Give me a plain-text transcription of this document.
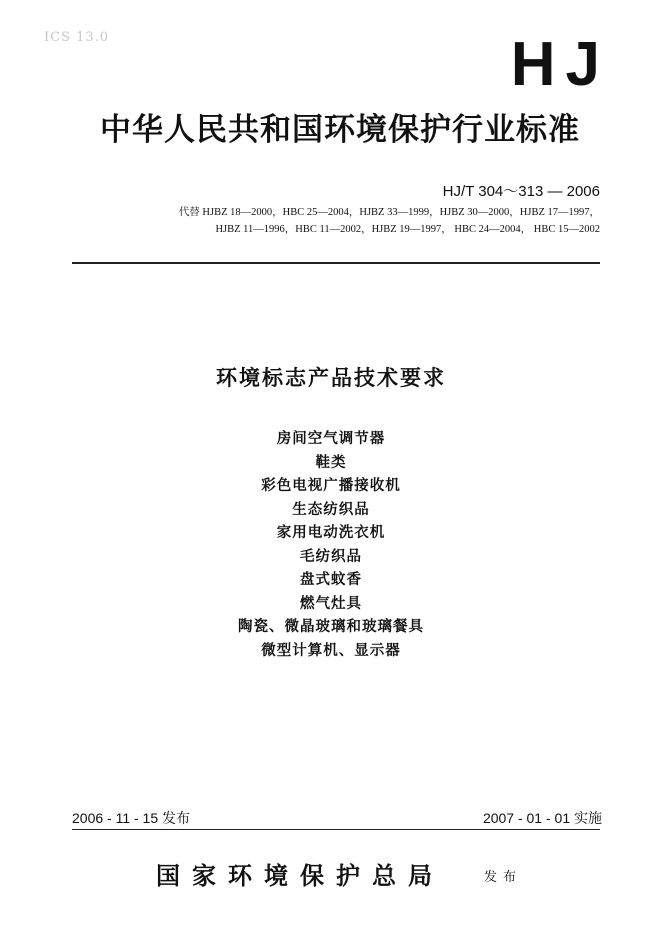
ICS 13.0	HJ
中华人民共和国环境保护行业标准
HJ/T 304～313 — 2006
代替 HJBZ 18—2000，HBC 25—2004，HJBZ 33—1999，HJBZ 30—2000，HJBZ 17—1997，
HJBZ 11—1996，HBC 11—2002，HJBZ 19—1997， HBC 24—2004， HBC 15—2002
环境标志产品技术要求
房间空气调节器
鞋类
彩色电视广播接收机
生态纺织品
家用电动洗衣机
毛纺织品
盘式蚊香
燃气灶具
陶瓷、微晶玻璃和玻璃餐具
微型计算机、显示器
2006 - 11 - 15 发布	2007 - 01 - 01 实施
国家环境保护总局	发布
